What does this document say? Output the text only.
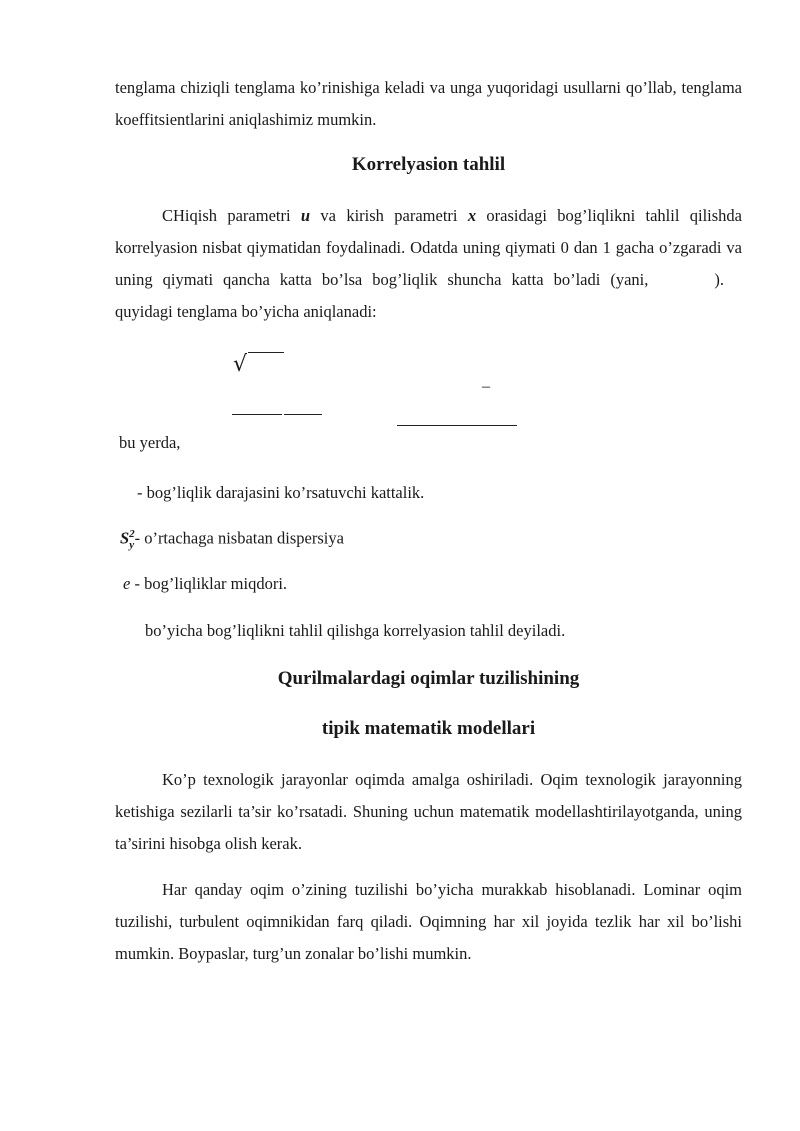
tenglama chiziqli tenglama ko’rinishiga keladi va unga yuqoridagi usullarni qo’llab, tenglama koeffitsientlarini aniqlashimiz mumkin.

Korrelyasion tahlil

CHiqish parametri u va kirish parametri x orasidagi bog’liqlikni tahlil qilishda korrelyasion nisbat qiymatidan foydalinadi. Odatda uning qiymati 0 dan 1 gacha o’zgaradi va uning qiymati qancha katta bo’lsa bog’liqlik shuncha katta bo’ladi (yani,	).quyidagi tenglama bo’yicha aniqlanadi:

√
–
bu yerda,
- bog’liqlik darajasini ko’rsatuvchi kattalik.
$S_y^2-$ o’rtachaga nisbatan dispersiya
e - bog’liqliklar miqdori.
bo’yicha bog’liqlikni tahlil qilishga korrelyasion tahlil deyiladi.
Qurilmalardagi oqimlar tuzilishining
tipik matematik modellari

Ko’p texnologik jarayonlar oqimda amalga oshiriladi. Oqim texnologik jarayonning ketishiga sezilarli ta’sir ko’rsatadi. Shuning uchun matematik modellashtirilayotganda, uning ta’sirini hisobga olish kerak.

Har qanday oqim o’zining tuzilishi bo’yicha murakkab hisoblanadi. Lominar oqim tuzilishi, turbulent oqimnikidan farq qiladi. Oqimning har xil joyida tezlik har xil bo’lishi mumkin. Boypaslar, turg’un zonalar bo’lishi mumkin.
